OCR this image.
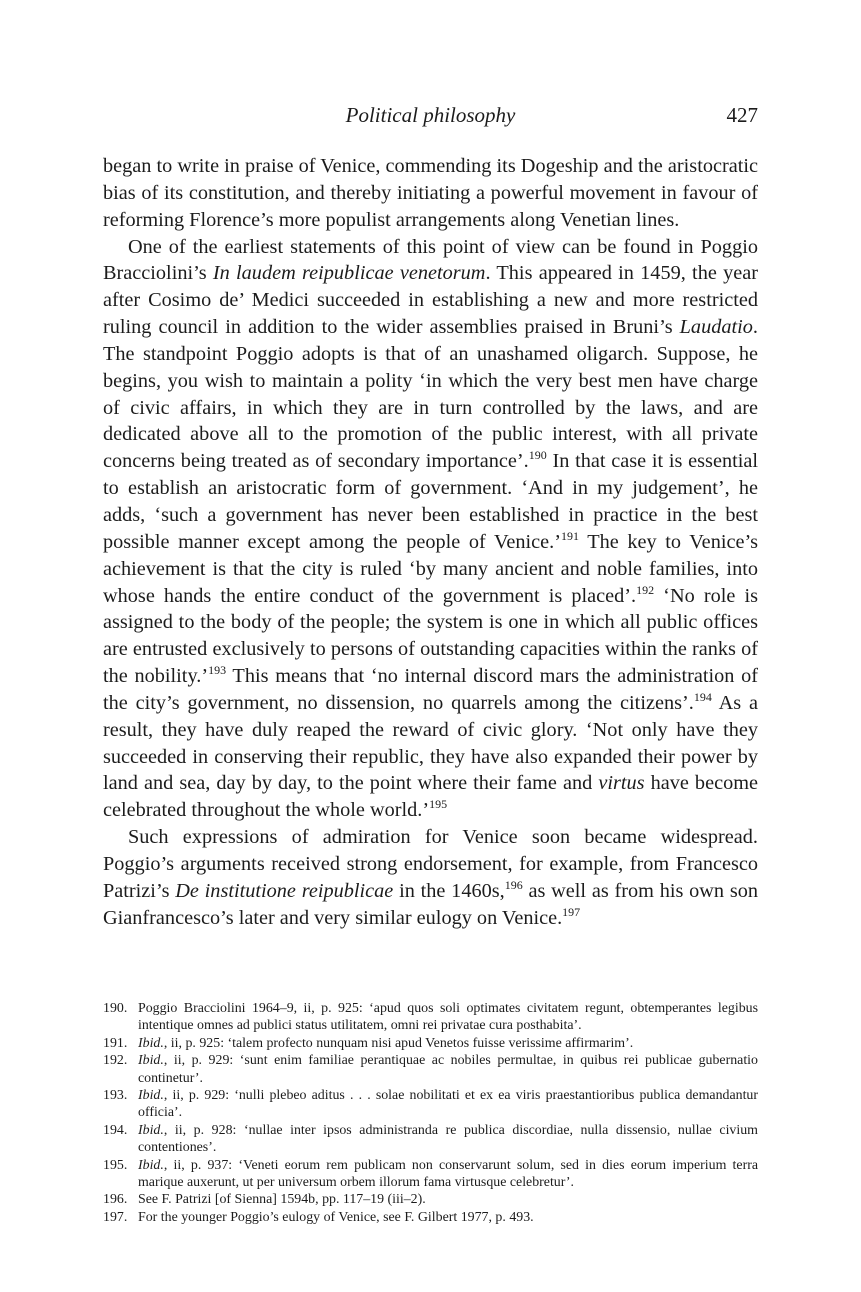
Political philosophy	427

began to write in praise of Venice, commending its Dogeship and the aristocratic bias of its constitution, and thereby initiating a powerful movement in favour of reforming Florence’s more populist arrangements along Venetian lines.

One of the earliest statements of this point of view can be found in Poggio Bracciolini’s In laudem reipublicae venetorum. This appeared in 1459, the year after Cosimo de’ Medici succeeded in establishing a new and more restricted ruling council in addition to the wider assemblies praised in Bruni’s Laudatio. The standpoint Poggio adopts is that of an unashamed oligarch. Suppose, he begins, you wish to maintain a polity ‘in which the very best men have charge of civic affairs, in which they are in turn controlled by the laws, and are dedicated above all to the promotion of the public interest, with all private concerns being treated as of secondary importance’.$^{190}$ In that case it is essential to establish an aristocratic form of government. ‘And in my judgement’, he adds, ‘such a government has never been established in practice in the best possible manner except among the people of Venice.’$^{191}$ The key to Venice’s achievement is that the city is ruled ‘by many ancient and noble families, into whose hands the entire conduct of the government is placed’.$^{192}$ ‘No role is assigned to the body of the people; the system is one in which all public offices are entrusted exclusively to persons of outstanding capacities within the ranks of the nobility.’$^{193}$ This means that ‘no internal discord mars the administration of the city’s government, no dissension, no quarrels among the citizens’.$^{194}$ As a result, they have duly reaped the reward of civic glory. ‘Not only have they succeeded in conserving their republic, they have also expanded their power by land and sea, day by day, to the point where their fame and virtus have become celebrated throughout the whole world.’$^{195}$

Such expressions of admiration for Venice soon became widespread. Poggio’s arguments received strong endorsement, for example, from Francesco Patrizi’s De institutione reipublicae in the 1460s,$^{196}$ as well as from his own son Gianfrancesco’s later and very similar eulogy on Venice.$^{197}$

190. Poggio Bracciolini 1964–9, ii, p. 925: ‘apud quos soli optimates civitatem regunt, obtemperantes legibus intentique omnes ad publici status utilitatem, omni rei privatae cura posthabita’.
191. Ibid., ii, p. 925: ‘talem profecto nunquam nisi apud Venetos fuisse verissime affirmarim’.
192. Ibid., ii, p. 929: ‘sunt enim familiae perantiquae ac nobiles permultae, in quibus rei publicae gubernatio continetur’.
193. Ibid., ii, p. 929: ‘nulli plebeo aditus . . . solae nobilitati et ex ea viris praestantioribus publica demandantur officia’.
194. Ibid., ii, p. 928: ‘nullae inter ipsos administranda re publica discordiae, nulla dissensio, nullae civium contentiones’.
195. Ibid., ii, p. 937: ‘Veneti eorum rem publicam non conservarunt solum, sed in dies eorum imperium terra marique auxerunt, ut per universum orbem illorum fama virtusque celebretur’.
196. See F. Patrizi [of Sienna] 1594b, pp. 117–19 (iii–2).
197. For the younger Poggio’s eulogy of Venice, see F. Gilbert 1977, p. 493.
